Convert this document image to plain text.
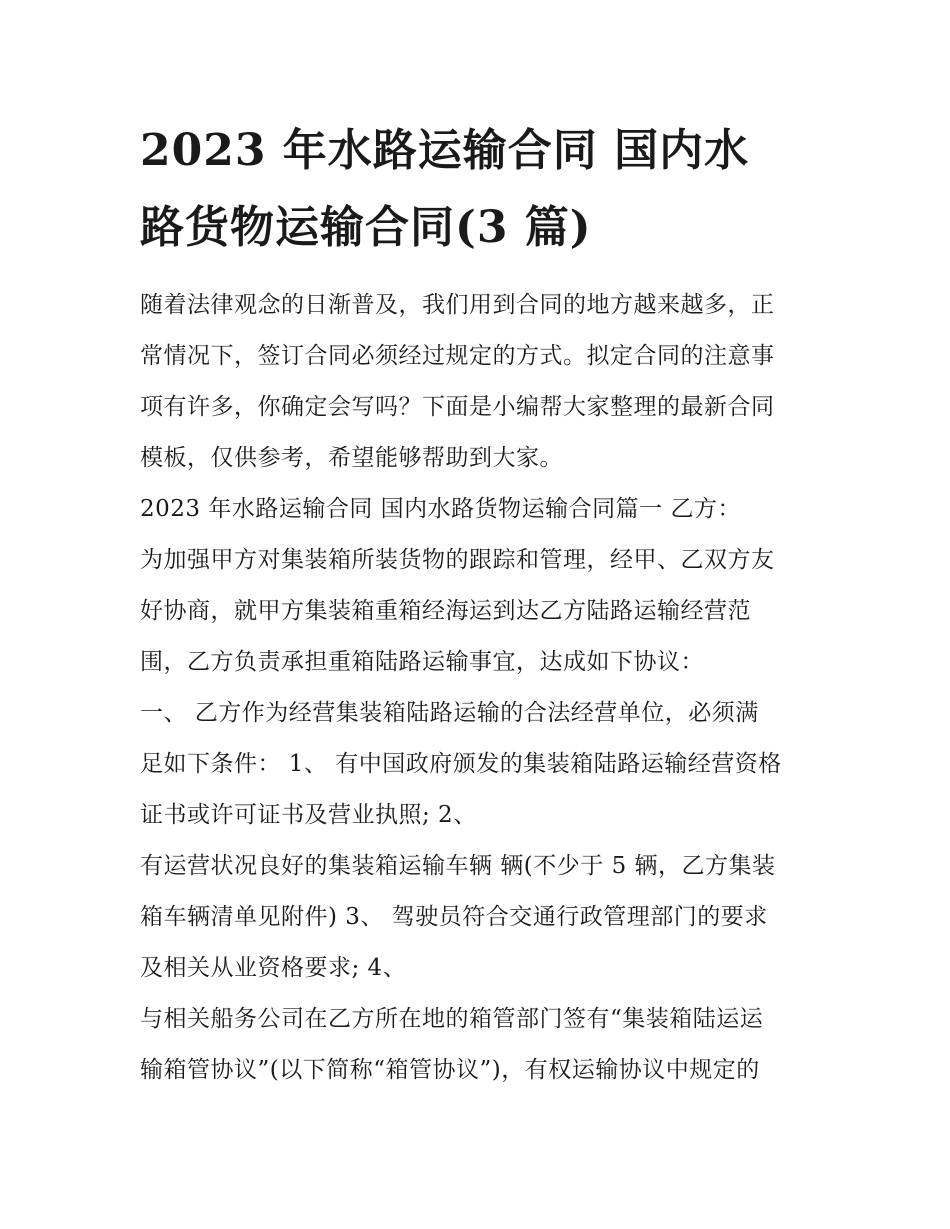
2023 年水路运输合同 国内水
路货物运输合同(3 篇)

随着法律观念的日渐普及，我们用到合同的地方越来越多，正
常情况下，签订合同必须经过规定的方式。拟定合同的注意事
项有许多，你确定会写吗？下面是小编帮大家整理的最新合同
模板，仅供参考，希望能够帮助到大家。

2023 年水路运输合同 国内水路货物运输合同篇一 乙方：

为加强甲方对集装箱所装货物的跟踪和管理，经甲、乙双方友
好协商，就甲方集装箱重箱经海运到达乙方陆路运输经营范
围，乙方负责承担重箱陆路运输事宜，达成如下协议：

一、 乙方作为经营集装箱陆路运输的合法经营单位，必须满
足如下条件： 1、 有中国政府颁发的集装箱陆路运输经营资格
证书或许可证书及营业执照; 2、

有运营状况良好的集装箱运输车辆 辆(不少于 5 辆，乙方集装
箱车辆清单见附件) 3、 驾驶员符合交通行政管理部门的要求
及相关从业资格要求; 4、

与相关船务公司在乙方所在地的箱管部门签有“集装箱陆运运
输箱管协议”(以下简称“箱管协议”)，有权运输协议中规定的
